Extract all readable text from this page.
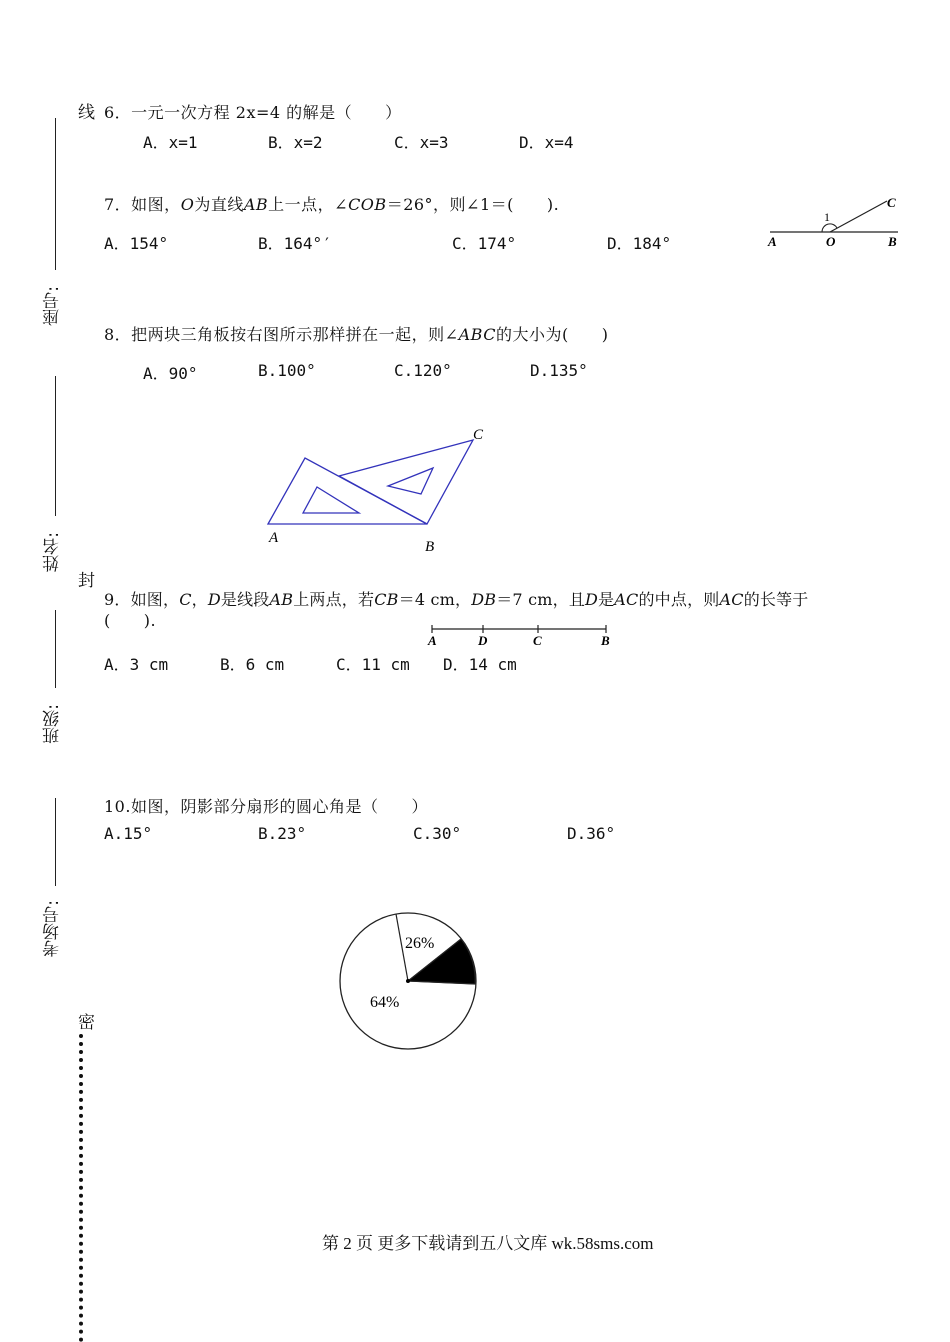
线
封
密
座号:
姓名:
班级:
考场号:
6．一元一次方程 2x=4 的解是（　　）
A．x=1	B．x=2	C．x=3	D．x=4
7．如图，O为直线AB上一点，∠COB＝26°，则∠1＝(　　).
A．154°	B．164°′	C．174°	D．184°	A	O	B
C
1
8．把两块三角板按右图所示那样拼在一起，则∠ABC的大小为(　　)
A．90°	B.100°	C.120°	D.135°
A
B
C
9．如图，C，D是线段AB上两点，若CB＝4 cm，DB＝7 cm，且D是AC的中点，则AC的长等于
(　　).
A	D	C	B
A．3 cm	B．6 cm	C．11 cm D．14 cm
10.如图，阴影部分扇形的圆心角是（　　）
A.15°	B.23°	C.30°	D.36°
26%
64%
第 2 页 更多下载请到五八文库 wk.58sms.com
